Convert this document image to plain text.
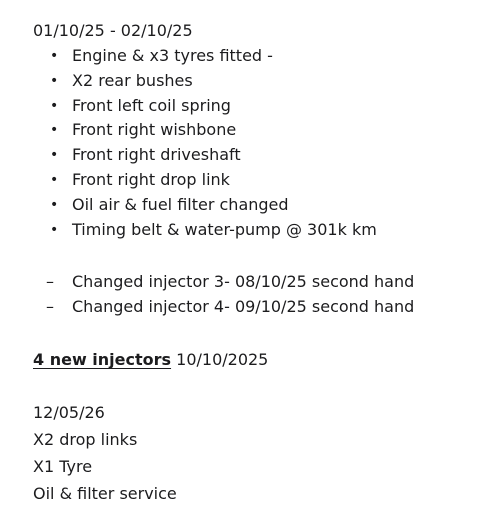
01/10/25 - 02/10/25
• Engine & x3 tyres fitted -
• X2 rear bushes
• Front left coil spring
• Front right wishbone
• Front right driveshaft
• Front right drop link
• Oil air & fuel filter changed
• Timing belt & water-pump @ 301k km
– Changed injector 3- 08/10/25 second hand
– Changed injector 4- 09/10/25 second hand
4 new injectors 10/10/2025
12/05/26
X2 drop links
X1 Tyre
Oil & filter service
